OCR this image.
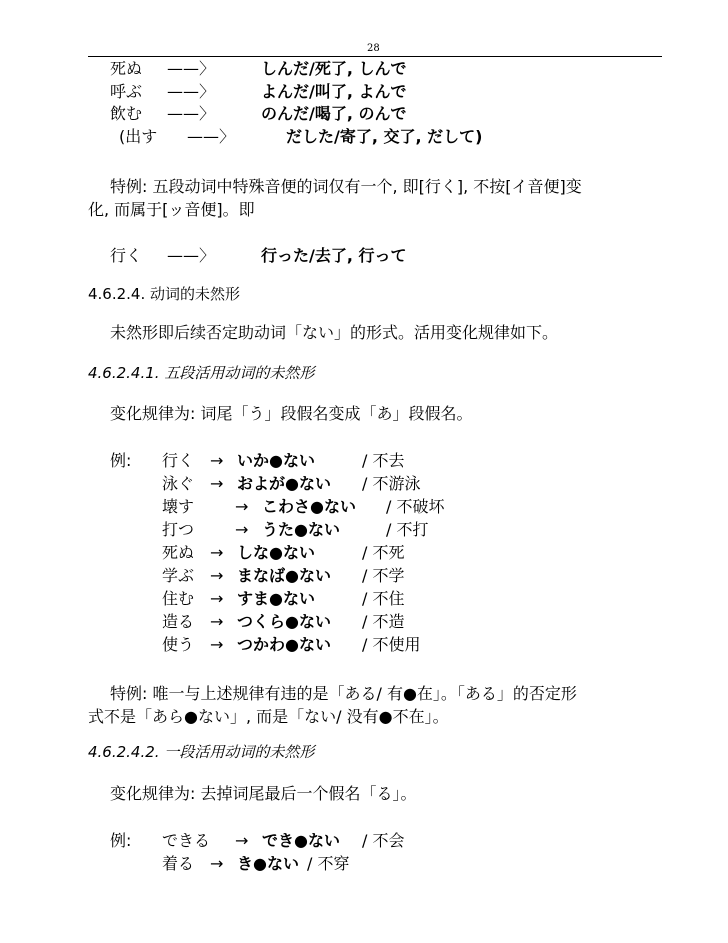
28
死ぬ ——〉	しんだ/死了, しんで
呼ぶ ——〉	よんだ/叫了, よんで
飲む ——〉	のんだ/喝了, のんで
(出す ——〉	だした/寄了, 交了, だして)
特例: 五段动词中特殊音便的词仅有一个, 即[行く], 不按[イ音便]变
化, 而属于[ッ音便]。即
行く ——〉	行った/去了, 行って
4.6.2.4. 动词的未然形
未然形即后续否定助动词「ない」的形式。活用变化规律如下。
4.6.2.4.1. 五段活用动词的未然形
变化规律为: 词尾「う」段假名变成「あ」段假名。
例: 行く → いか●ない	/ 不去
泳ぐ → およが●ない / 不游泳
壊す	→ こわさ●ない / 不破坏
打つ	→ うた●ない	/ 不打
死ぬ → しな●ない	/ 不死
学ぶ → まなば●ない / 不学
住む → すま●ない	/ 不住
造る → つくら●ない / 不造
使う → つかわ●ない / 不使用
特例: 唯一与上述规律有违的是「ある/ 有●在」。「ある」的否定形
式不是「あら●ない」, 而是「ない/ 没有●不在」。
4.6.2.4.2. 一段活用动词的未然形
变化规律为: 去掉词尾最后一个假名「る」。
例: できる → でき●ない / 不会
着る → き●ない / 不穿
